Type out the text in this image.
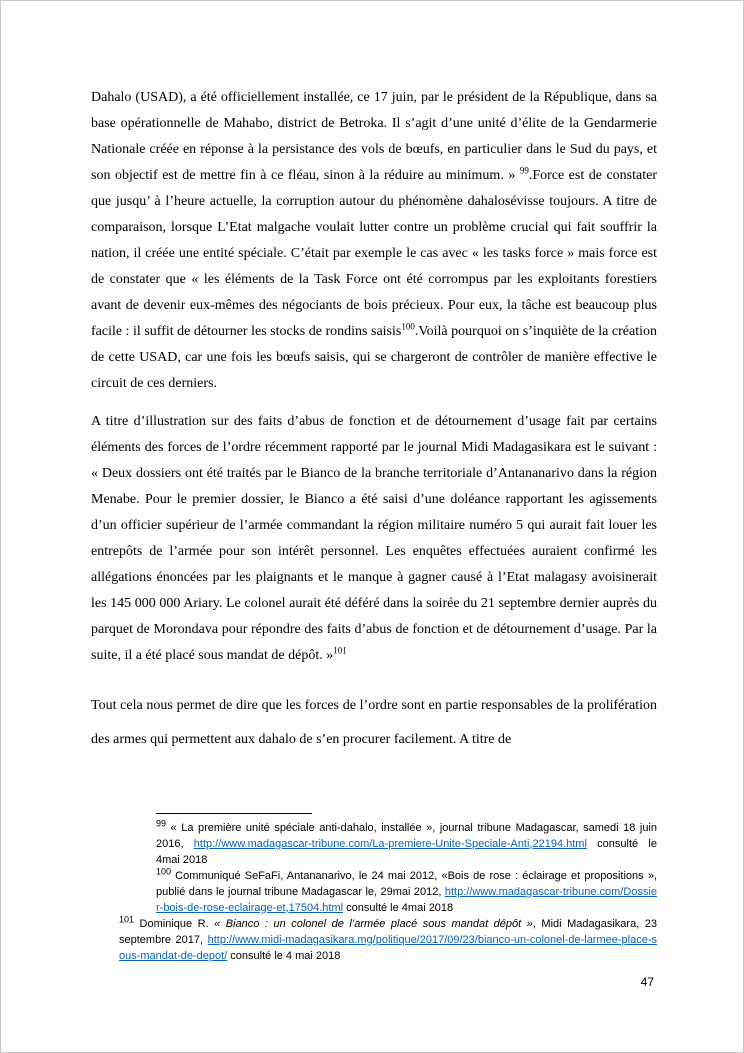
Dahalo (USAD), a été officiellement installée, ce 17 juin, par le président de la République, dans sa base opérationnelle de Mahabo, district de Betroka. Il s’agit d’une unité d’élite de la Gendarmerie Nationale créée en réponse à la persistance des vols de bœufs, en particulier dans le Sud du pays, et son objectif est de mettre fin à ce fléau, sinon à la réduire au minimum. » $^{99}$.Force est de constater que jusqu’ à l’heure actuelle, la corruption autour du phénomène dahalosévisse toujours. A titre de comparaison, lorsque L’Etat malgache voulait lutter contre un problème crucial qui fait souffrir la nation, il créée une entité spéciale. C’était par exemple le cas avec « les tasks force » mais force est de constater que « les éléments de la Task Force ont été corrompus par les exploitants forestiers avant de devenir eux-mêmes des négociants de bois précieux. Pour eux, la tâche est beaucoup plus facile : il suffit de détourner les stocks de rondins saisis$^{100}$.Voilà pourquoi on s’inquiète de la création de cette USAD, car une fois les bœufs saisis, qui se chargeront de contrôler de manière effective le circuit de ces derniers.

A titre d’illustration sur des faits d’abus de fonction et de détournement d’usage fait par certains éléments des forces de l’ordre récemment rapporté par le journal Midi Madagasikara est le suivant : « Deux dossiers ont été traités par le Bianco de la branche territoriale d’Antananarivo dans la région Menabe. Pour le premier dossier, le Bianco a été saisi d’une doléance rapportant les agissements d’un officier supérieur de l’armée commandant la région militaire numéro 5 qui aurait fait louer les entrepôts de l’armée pour son intérêt personnel. Les enquêtes effectuées auraient confirmé les allégations énoncées par les plaignants et le manque à gagner causé à l’Etat malagasy avoisinerait les 145 000 000 Ariary. Le colonel aurait été déféré dans la soirée du 21 septembre dernier auprès du parquet de Morondava pour répondre des faits d’abus de fonction et de détournement d’usage. Par la suite, il a été placé sous mandat de dépôt. »$^{101}$

Tout cela nous permet de dire que les forces de l’ordre sont en partie responsables de la prolifération des armes qui permettent aux dahalo de s’en procurer facilement. A titre de

$^{99}$ « La première unité spéciale anti-dahalo, installée », journal tribune Madagascar, samedi 18 juin 2016, http://www.madagascar-tribune.com/La-premiere-Unite-Speciale-Anti,22194.html consulté le 4mai 2018
$^{100}$ Communiqué SeFaFi, Antananarivo, le 24 mai 2012, «Bois de rose : éclairage et propositions », publié dans le journal tribune Madagascar le, 29mai 2012, http://www.madagascar-tribune.com/Dossier-bois-de-rose-eclairage-et,17504.html consulté le 4mai 2018
$^{101}$ Dominique R. « Bianco : un colonel de l’armée placé sous mandat dépôt », Midi Madagasikara, 23 septembre 2017, http://www.midi-madagasikara.mg/politique/2017/09/23/bianco-un-colonel-de-larmee-place-sous-mandat-de-depot/ consulté le 4 mai 2018
47
